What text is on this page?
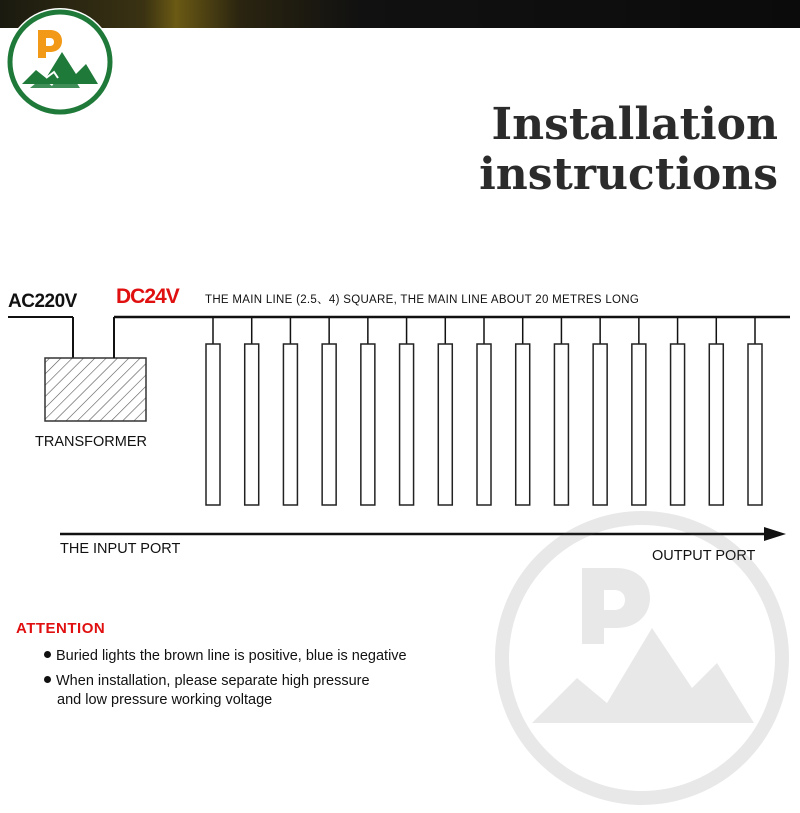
Installation
instructions
AC220V DC24V THE MAIN LINE (2.5、4) SQUARE, THE MAIN LINE ABOUT 20 METRES LONG
TRANSFORMER
THE INPUT PORT	OUTPUT PORT
ATTENTION
Buried lights the brown line is positive, blue is negative
When installation, please separate high pressure
and low pressure working voltage
